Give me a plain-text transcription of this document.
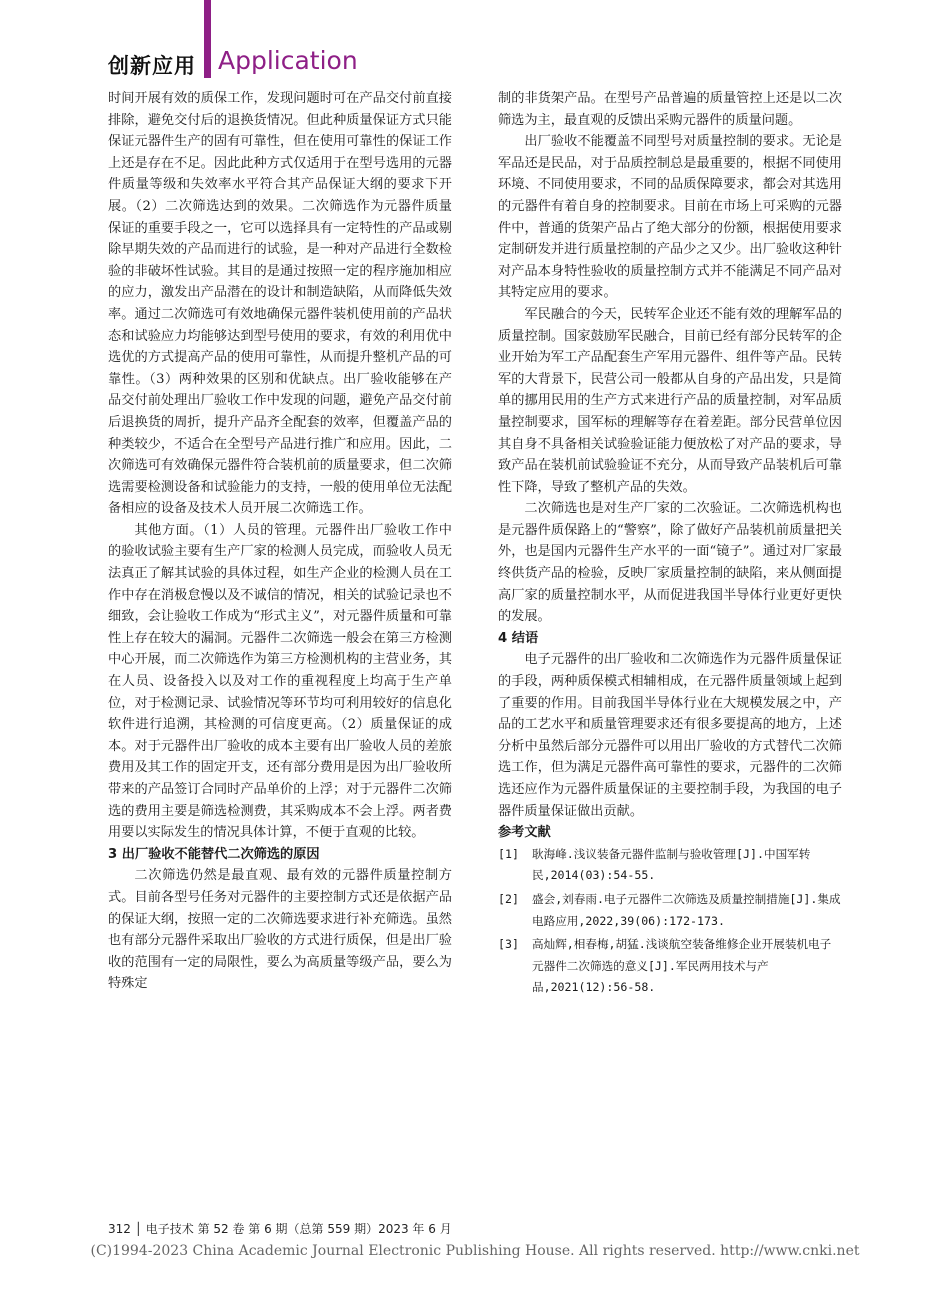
创新应用 Application

时间开展有效的质保工作，发现问题时可在产品交付前直接排除，避免交付后的退换货情况。但此种质量保证方式只能保证元器件生产的固有可靠性，但在使用可靠性的保证工作上还是存在不足。因此此种方式仅适用于在型号选用的元器件质量等级和失效率水平符合其产品保证大纲的要求下开展。（2）二次筛选达到的效果。二次筛选作为元器件质量保证的重要手段之一，它可以选择具有一定特性的产品或剔除早期失效的产品而进行的试验，是一种对产品进行全数检验的非破坏性试验。其目的是通过按照一定的程序施加相应的应力，激发出产品潜在的设计和制造缺陷，从而降低失效率。通过二次筛选可有效地确保元器件装机使用前的产品状态和试验应力均能够达到型号使用的要求，有效的利用优中选优的方式提高产品的使用可靠性，从而提升整机产品的可靠性。（3）两种效果的区别和优缺点。出厂验收能够在产品交付前处理出厂验收工作中发现的问题，避免产品交付前后退换货的周折，提升产品齐全配套的效率，但覆盖产品的种类较少，不适合在全型号产品进行推广和应用。因此，二次筛选可有效确保元器件符合装机前的质量要求，但二次筛选需要检测设备和试验能力的支持，一般的使用单位无法配备相应的设备及技术人员开展二次筛选工作。

其他方面。（1）人员的管理。元器件出厂验收工作中的验收试验主要有生产厂家的检测人员完成，而验收人员无法真正了解其试验的具体过程，如生产企业的检测人员在工作中存在消极怠慢以及不诚信的情况，相关的试验记录也不细致，会让验收工作成为“形式主义”，对元器件质量和可靠性上存在较大的漏洞。元器件二次筛选一般会在第三方检测中心开展，而二次筛选作为第三方检测机构的主营业务，其在人员、设备投入以及对工作的重视程度上均高于生产单位，对于检测记录、试验情况等环节均可利用较好的信息化软件进行追溯，其检测的可信度更高。（2）质量保证的成本。对于元器件出厂验收的成本主要有出厂验收人员的差旅费用及其工作的固定开支，还有部分费用是因为出厂验收所带来的产品签订合同时产品单价的上浮；对于元器件二次筛选的费用主要是筛选检测费，其采购成本不会上浮。两者费用要以实际发生的情况具体计算，不便于直观的比较。

3 出厂验收不能替代二次筛选的原因

二次筛选仍然是最直观、最有效的元器件质量控制方式。目前各型号任务对元器件的主要控制方式还是依据产品的保证大纲，按照一定的二次筛选要求进行补充筛选。虽然也有部分元器件采取出厂验收的方式进行质保，但是出厂验收的范围有一定的局限性，要么为高质量等级产品，要么为特殊定

制的非货架产品。在型号产品普遍的质量管控上还是以二次筛选为主，最直观的反馈出采购元器件的质量问题。

出厂验收不能覆盖不同型号对质量控制的要求。无论是军品还是民品，对于品质控制总是最重要的，根据不同使用环境、不同使用要求，不同的品质保障要求，都会对其选用的元器件有着自身的控制要求。目前在市场上可采购的元器件中，普通的货架产品占了绝大部分的份额，根据使用要求定制研发并进行质量控制的产品少之又少。出厂验收这种针对产品本身特性验收的质量控制方式并不能满足不同产品对其特定应用的要求。

军民融合的今天，民转军企业还不能有效的理解军品的质量控制。国家鼓励军民融合，目前已经有部分民转军的企业开始为军工产品配套生产军用元器件、组件等产品。民转军的大背景下，民营公司一般都从自身的产品出发，只是简单的挪用民用的生产方式来进行产品的质量控制，对军品质量控制要求，国军标的理解等存在着差距。部分民营单位因其自身不具备相关试验验证能力便放松了对产品的要求，导致产品在装机前试验验证不充分，从而导致产品装机后可靠性下降，导致了整机产品的失效。

二次筛选也是对生产厂家的二次验证。二次筛选机构也是元器件质保路上的“警察”，除了做好产品装机前质量把关外，也是国内元器件生产水平的一面“镜子”。通过对厂家最终供货产品的检验，反映厂家质量控制的缺陷，来从侧面提高厂家的质量控制水平，从而促进我国半导体行业更好更快的发展。

4 结语

电子元器件的出厂验收和二次筛选作为元器件质量保证的手段，两种质保模式相辅相成，在元器件质量领域上起到了重要的作用。目前我国半导体行业在大规模发展之中，产品的工艺水平和质量管理要求还有很多要提高的地方，上述分析中虽然后部分元器件可以用出厂验收的方式替代二次筛选工作，但为满足元器件高可靠性的要求，元器件的二次筛选还应作为元器件质量保证的主要控制手段，为我国的电子器件质量保证做出贡献。

参考文献
[1] 耿海峰.浅议装备元器件监制与验收管理[J].中国军转民,2014(03):54-55.
[2] 盛会,刘春雨.电子元器件二次筛选及质量控制措施[J].集成电路应用,2022,39(06):172-173.
[3] 高灿辉,相春梅,胡猛.浅谈航空装备维修企业开展装机电子元器件二次筛选的意义[J].军民两用技术与产品,2021(12):56-58.
312 │ 电子技术 第 52 卷 第 6 期（总第 559 期）2023 年 6 月
(C)1994-2023 China Academic Journal Electronic Publishing House. All rights reserved. http://www.cnki.net
